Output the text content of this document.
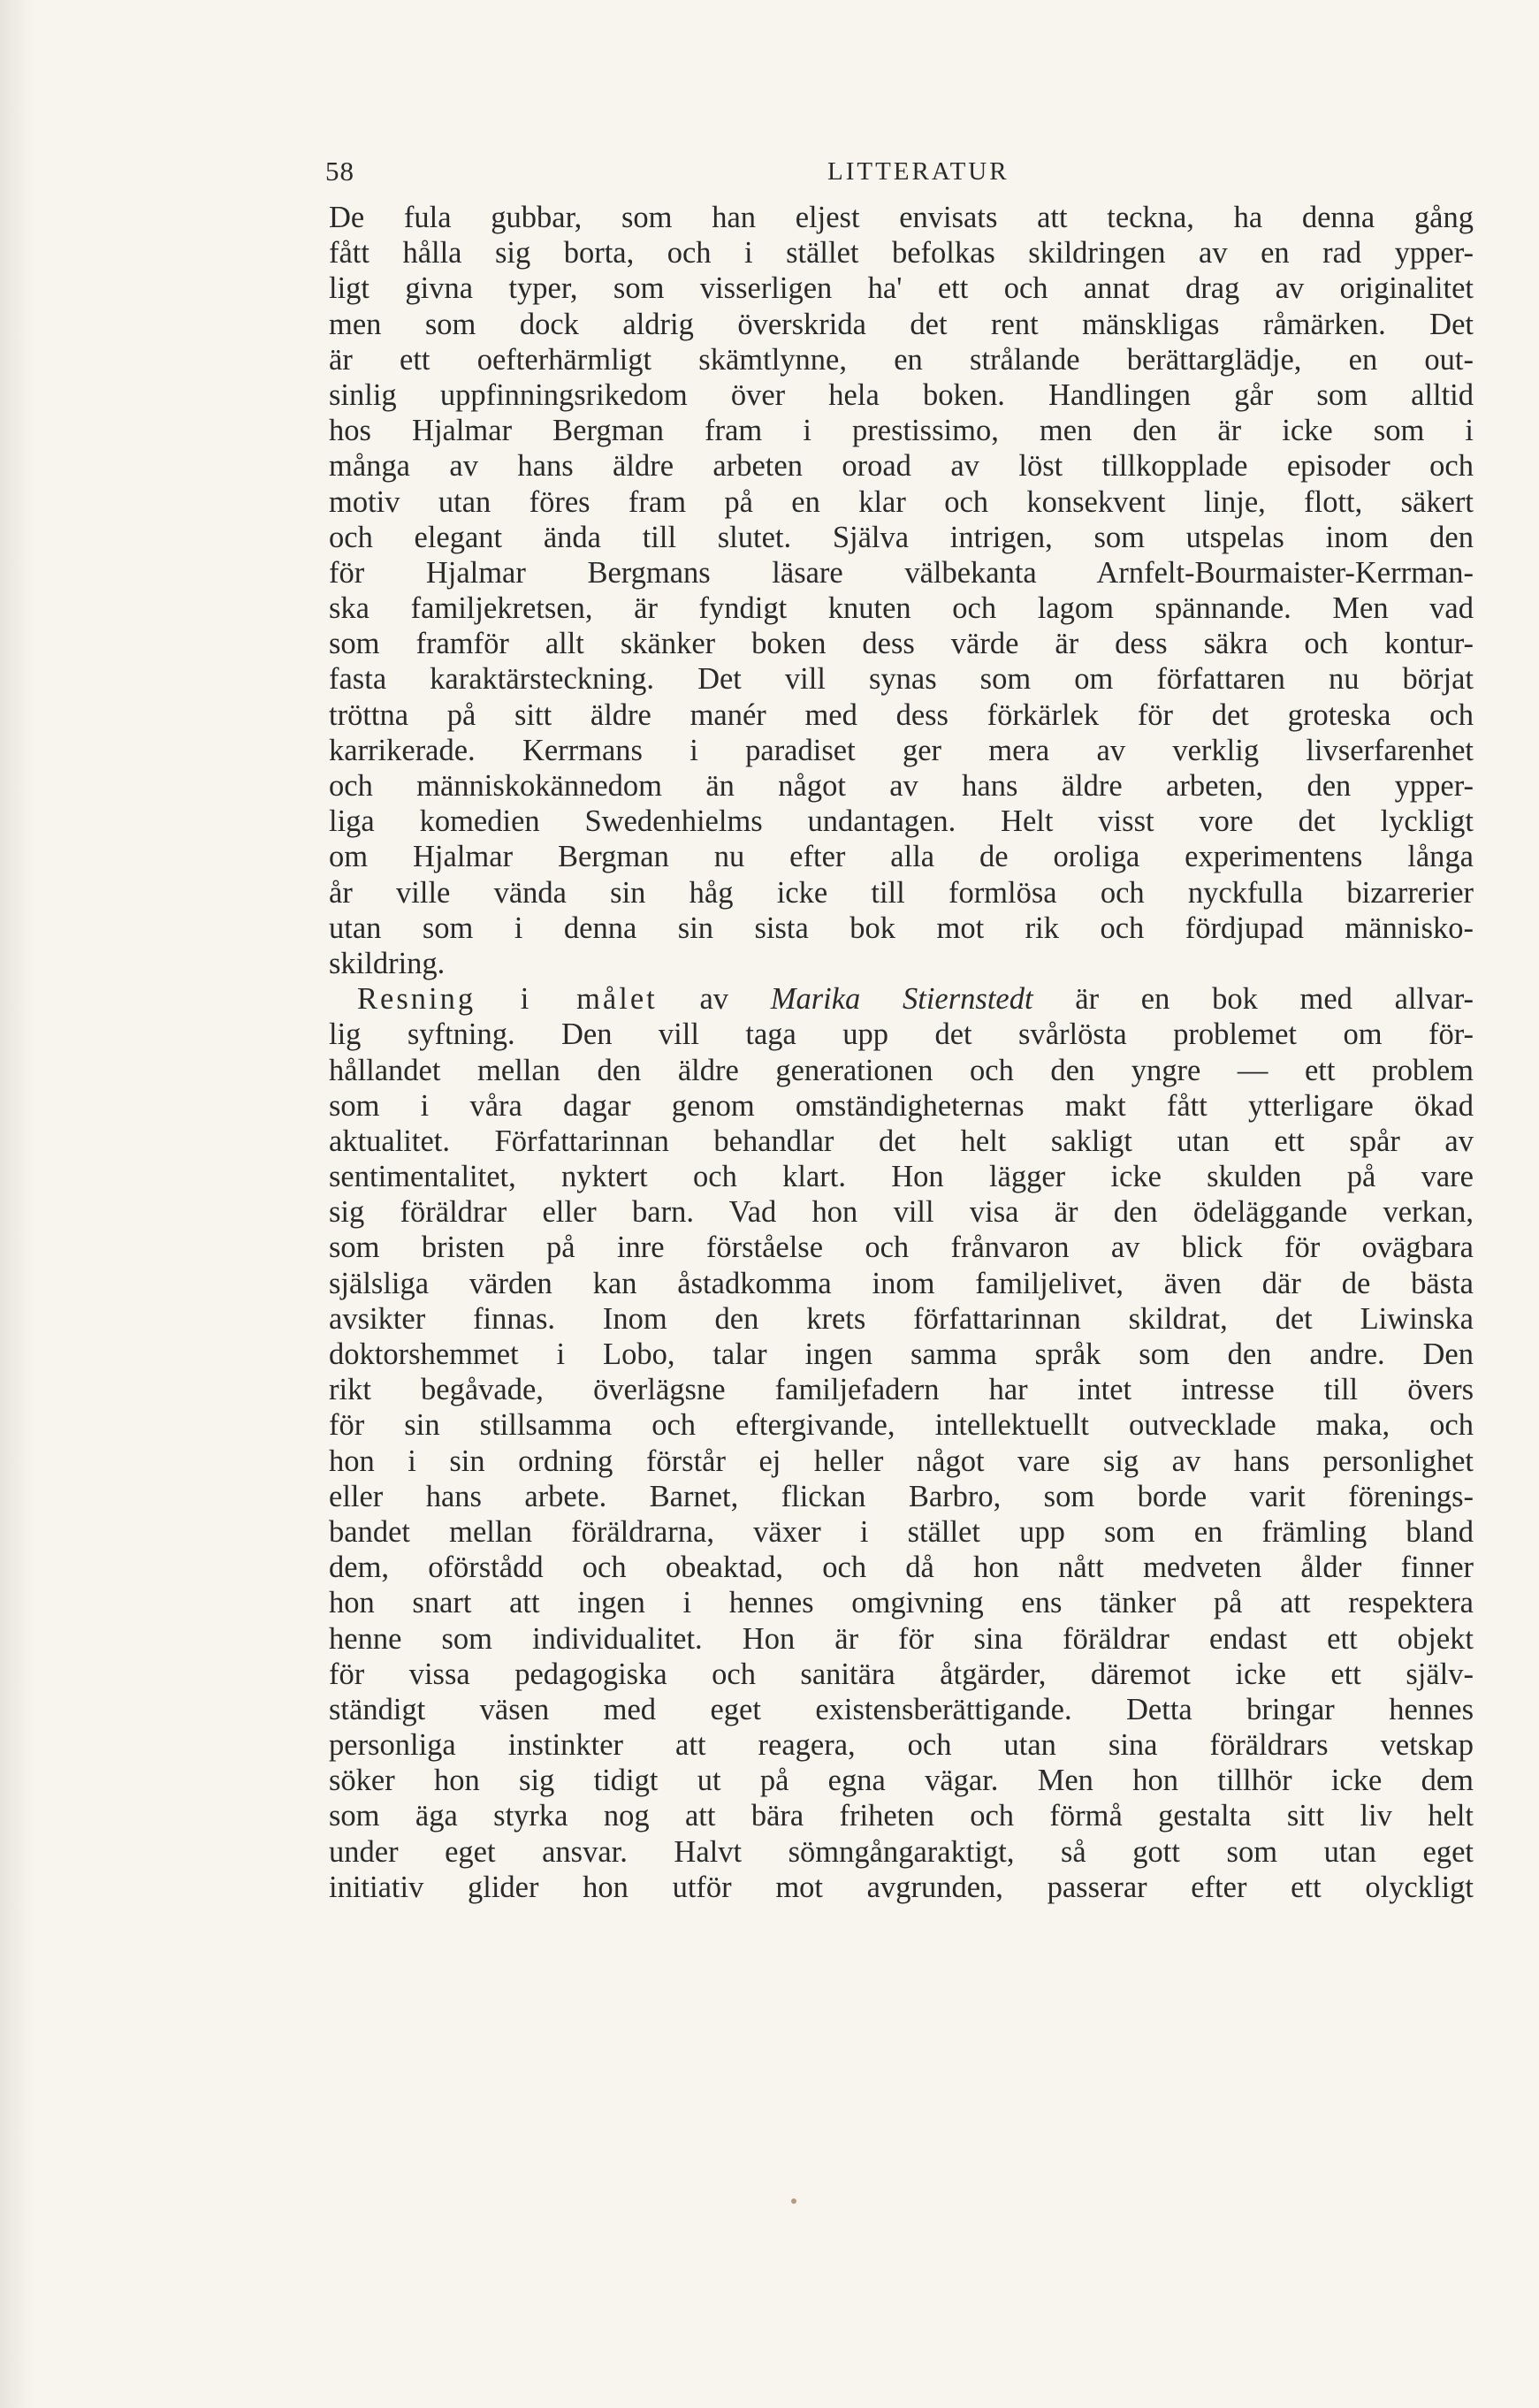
58	LITTERATUR
De fula gubbar, som han eljest envisats att teckna, ha denna gång
fått hålla sig borta, och i stället befolkas skildringen av en rad ypper-
ligt givna typer, som visserligen ha' ett och annat drag av originalitet
men som dock aldrig överskrida det rent mänskligas råmärken. Det
är ett oefterhärmligt skämtlynne, en strålande berättarglädje, en out-
sinlig uppfinningsrikedom över hela boken. Handlingen går som alltid
hos Hjalmar Bergman fram i prestissimo, men den är icke som i
många av hans äldre arbeten oroad av löst tillkopplade episoder och
motiv utan föres fram på en klar och konsekvent linje, flott, säkert
och elegant ända till slutet. Själva intrigen, som utspelas inom den
för Hjalmar Bergmans läsare välbekanta Arnfelt-Bourmaister-Kerrman-
ska familjekretsen, är fyndigt knuten och lagom spännande. Men vad
som framför allt skänker boken dess värde är dess säkra och kontur-
fasta karaktärsteckning. Det vill synas som om författaren nu börjat
tröttna på sitt äldre manér med dess förkärlek för det groteska och
karrikerade. Kerrmans i paradiset ger mera av verklig livserfarenhet
och människokännedom än något av hans äldre arbeten, den ypper-
liga komedien Swedenhielms undantagen. Helt visst vore det lyckligt
om Hjalmar Bergman nu efter alla de oroliga experimentens långa
år ville vända sin håg icke till formlösa och nyckfulla bizarrerier
utan som i denna sin sista bok mot rik och fördjupad människo-
skildring.
Resning i målet av Marika Stiernstedt är en bok med allvar-
lig syftning. Den vill taga upp det svårlösta problemet om för-
hållandet mellan den äldre generationen och den yngre — ett problem
som i våra dagar genom omständigheternas makt fått ytterligare ökad
aktualitet. Författarinnan behandlar det helt sakligt utan ett spår av
sentimentalitet, nyktert och klart. Hon lägger icke skulden på vare
sig föräldrar eller barn. Vad hon vill visa är den ödeläggande verkan,
som bristen på inre förståelse och frånvaron av blick för ovägbara
själsliga värden kan åstadkomma inom familjelivet, även där de bästa
avsikter finnas. Inom den krets författarinnan skildrat, det Liwinska
doktorshemmet i Lobo, talar ingen samma språk som den andre. Den
rikt begåvade, överlägsne familjefadern har intet intresse till övers
för sin stillsamma och eftergivande, intellektuellt outvecklade maka, och
hon i sin ordning förstår ej heller något vare sig av hans personlighet
eller hans arbete. Barnet, flickan Barbro, som borde varit förenings-
bandet mellan föräldrarna, växer i stället upp som en främling bland
dem, oförstådd och obeaktad, och då hon nått medveten ålder finner
hon snart att ingen i hennes omgivning ens tänker på att respektera
henne som individualitet. Hon är för sina föräldrar endast ett objekt
för vissa pedagogiska och sanitära åtgärder, däremot icke ett själv-
ständigt väsen med eget existensberättigande. Detta bringar hennes
personliga instinkter att reagera, och utan sina föräldrars vetskap
söker hon sig tidigt ut på egna vägar. Men hon tillhör icke dem
som äga styrka nog att bära friheten och förmå gestalta sitt liv helt
under eget ansvar. Halvt sömngångaraktigt, så gott som utan eget
initiativ glider hon utför mot avgrunden, passerar efter ett olyckligt
